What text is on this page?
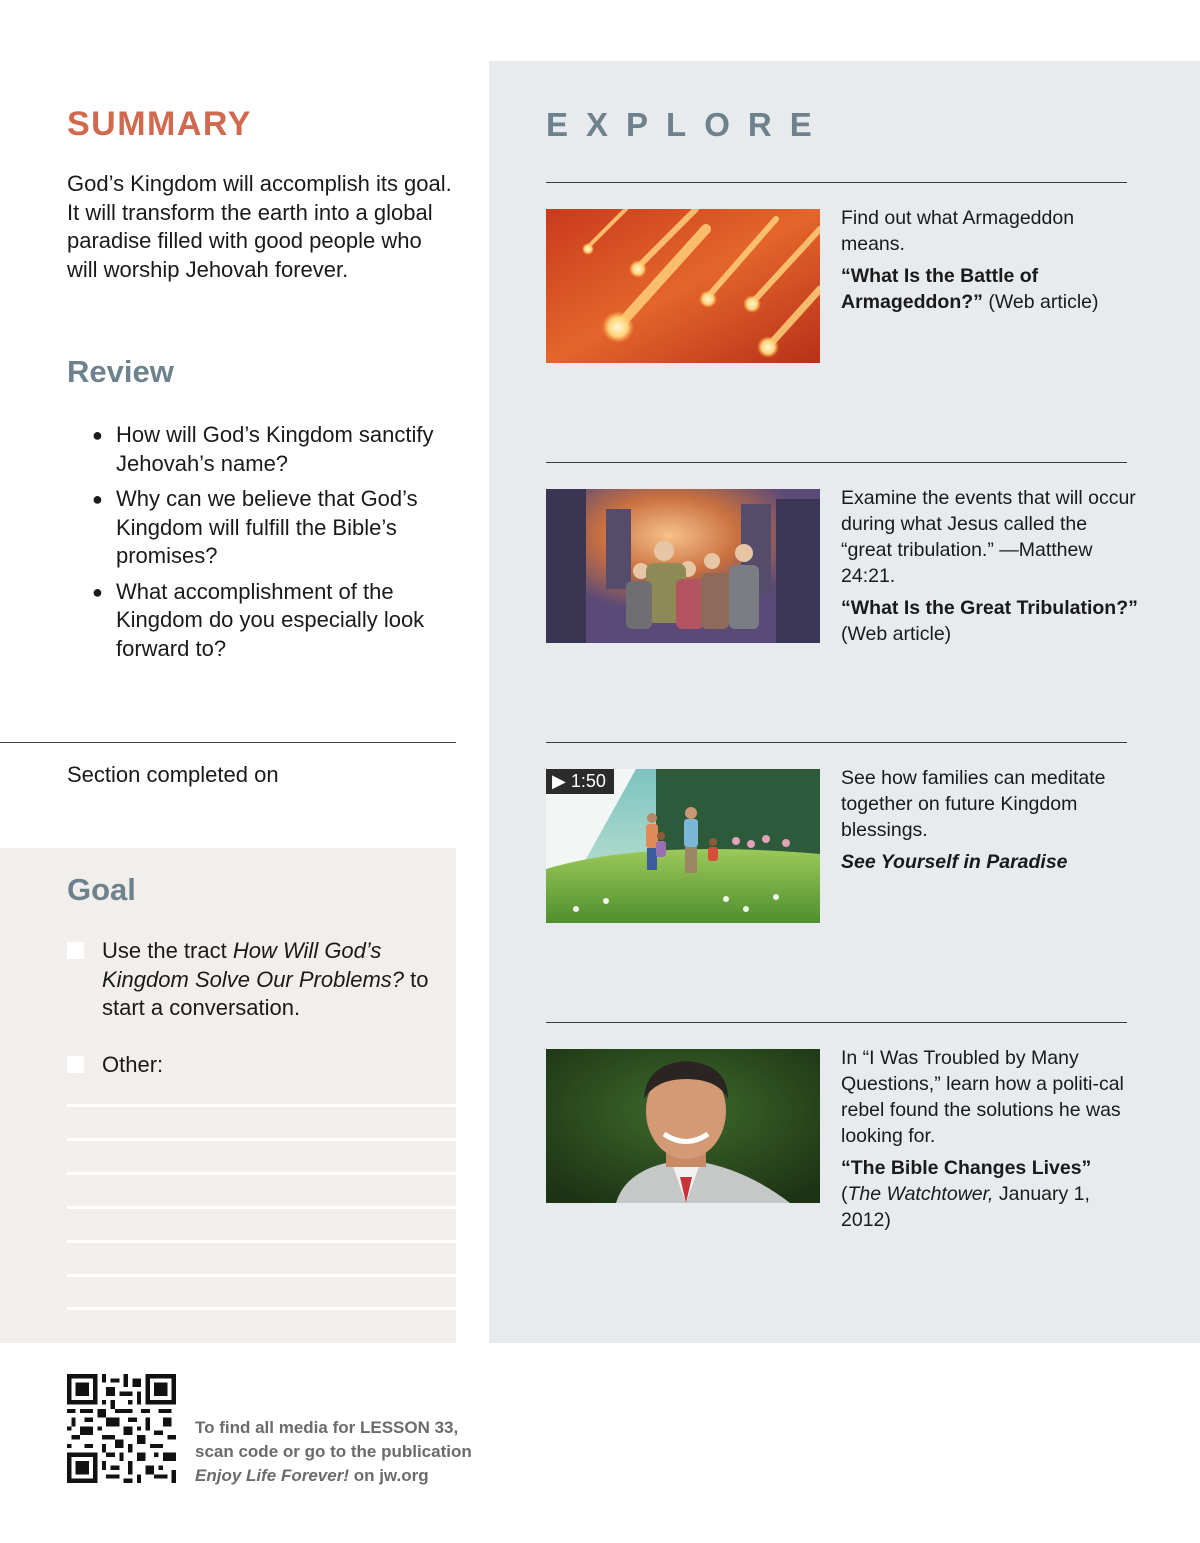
SUMMARY
God’s Kingdom will accomplish its goal. It will transform the earth into a global paradise filled with good people who will worship Jehovah forever.
Review
● How will God’s Kingdom sanctify Jehovah’s name?
● Why can we believe that God’s Kingdom will fulfill the Bible’s promises?
● What accomplishment of the Kingdom do you especially look forward to?
Section completed on
Goal
Use the tract How Will God’s Kingdom Solve Our Problems? to start a conversation.
Other:
EXPLORE
Find out what Armageddon means.
“What Is the Battle of Armageddon?” (Web article)
Examine the events that will occur during what Jesus called the “great tribulation.” —Matthew 24:21.
“What Is the Great Tribulation?” (Web article)
▶ 1:50	See how families can meditate together on future Kingdom blessings.
See Yourself in Paradise
In “I Was Troubled by Many Questions,” learn how a politi-cal rebel found the solutions he was looking for.
“The Bible Changes Lives”
(The Watchtower, January 1, 2012)
To find all media for LESSON 33,
scan code or go to the publication
Enjoy Life Forever! on jw.org
